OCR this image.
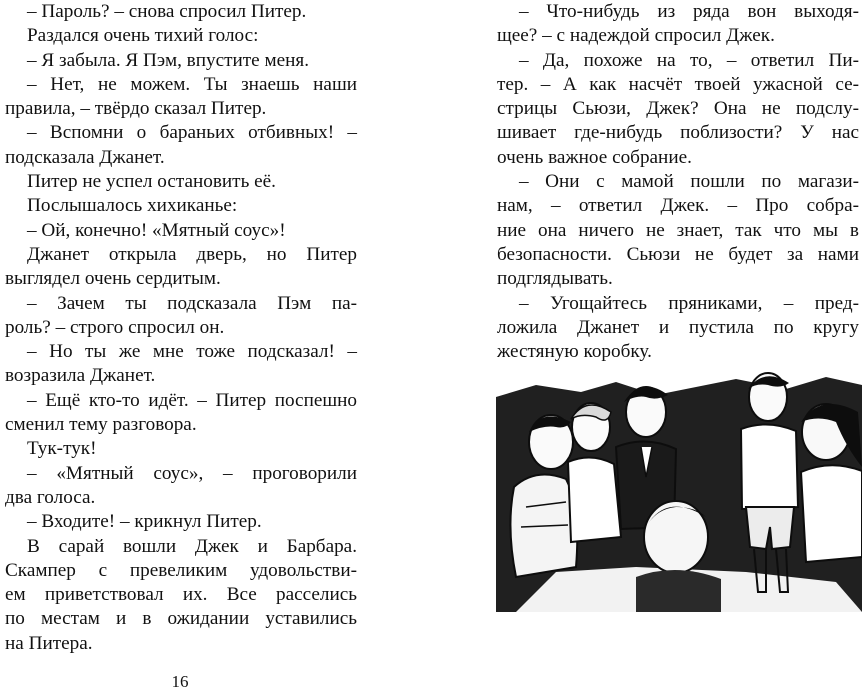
– Пароль? – снова спросил Питер.
Раздался очень тихий голос:
– Я забыла. Я Пэм, впустите меня.
– Нет, не можем. Ты знаешь наши
правила, – твёрдо сказал Питер.
– Вспомни о бараньих отбивных! –
подсказала Джанет.
Питер не успел остановить её.
Послышалось хихиканье:
– Ой, конечно! «Мятный соус»!
Джанет открыла дверь, но Питер
выглядел очень сердитым.
– Зачем ты подсказала Пэм па-
роль? – строго спросил он.
– Но ты же мне тоже подсказал! –
возразила Джанет.
– Ещё кто-то идёт. – Питер поспешно
сменил тему разговора.
Тук-тук!
– «Мятный соус», – проговорили
два голоса.
– Входите! – крикнул Питер.
В сарай вошли Джек и Барбара.
Скампер с превеликим удовольстви-
ем приветствовал их. Все расселись
по местам и в ожидании уставились
на Питера.
– Что-нибудь из ряда вон выходя-
щее? – с надеждой спросил Джек.
– Да, похоже на то, – ответил Пи-
тер. – А как насчёт твоей ужасной се-
стрицы Сьюзи, Джек? Она не подслу-
шивает где-нибудь поблизости? У нас
очень важное собрание.
– Они с мамой пошли по магази-
нам, – ответил Джек. – Про собра-
ние она ничего не знает, так что мы в
безопасности. Сьюзи не будет за нами
подглядывать.
– Угощайтесь пряниками, – пред-
ложила Джанет и пустила по кругу
жестяную коробку.
16
